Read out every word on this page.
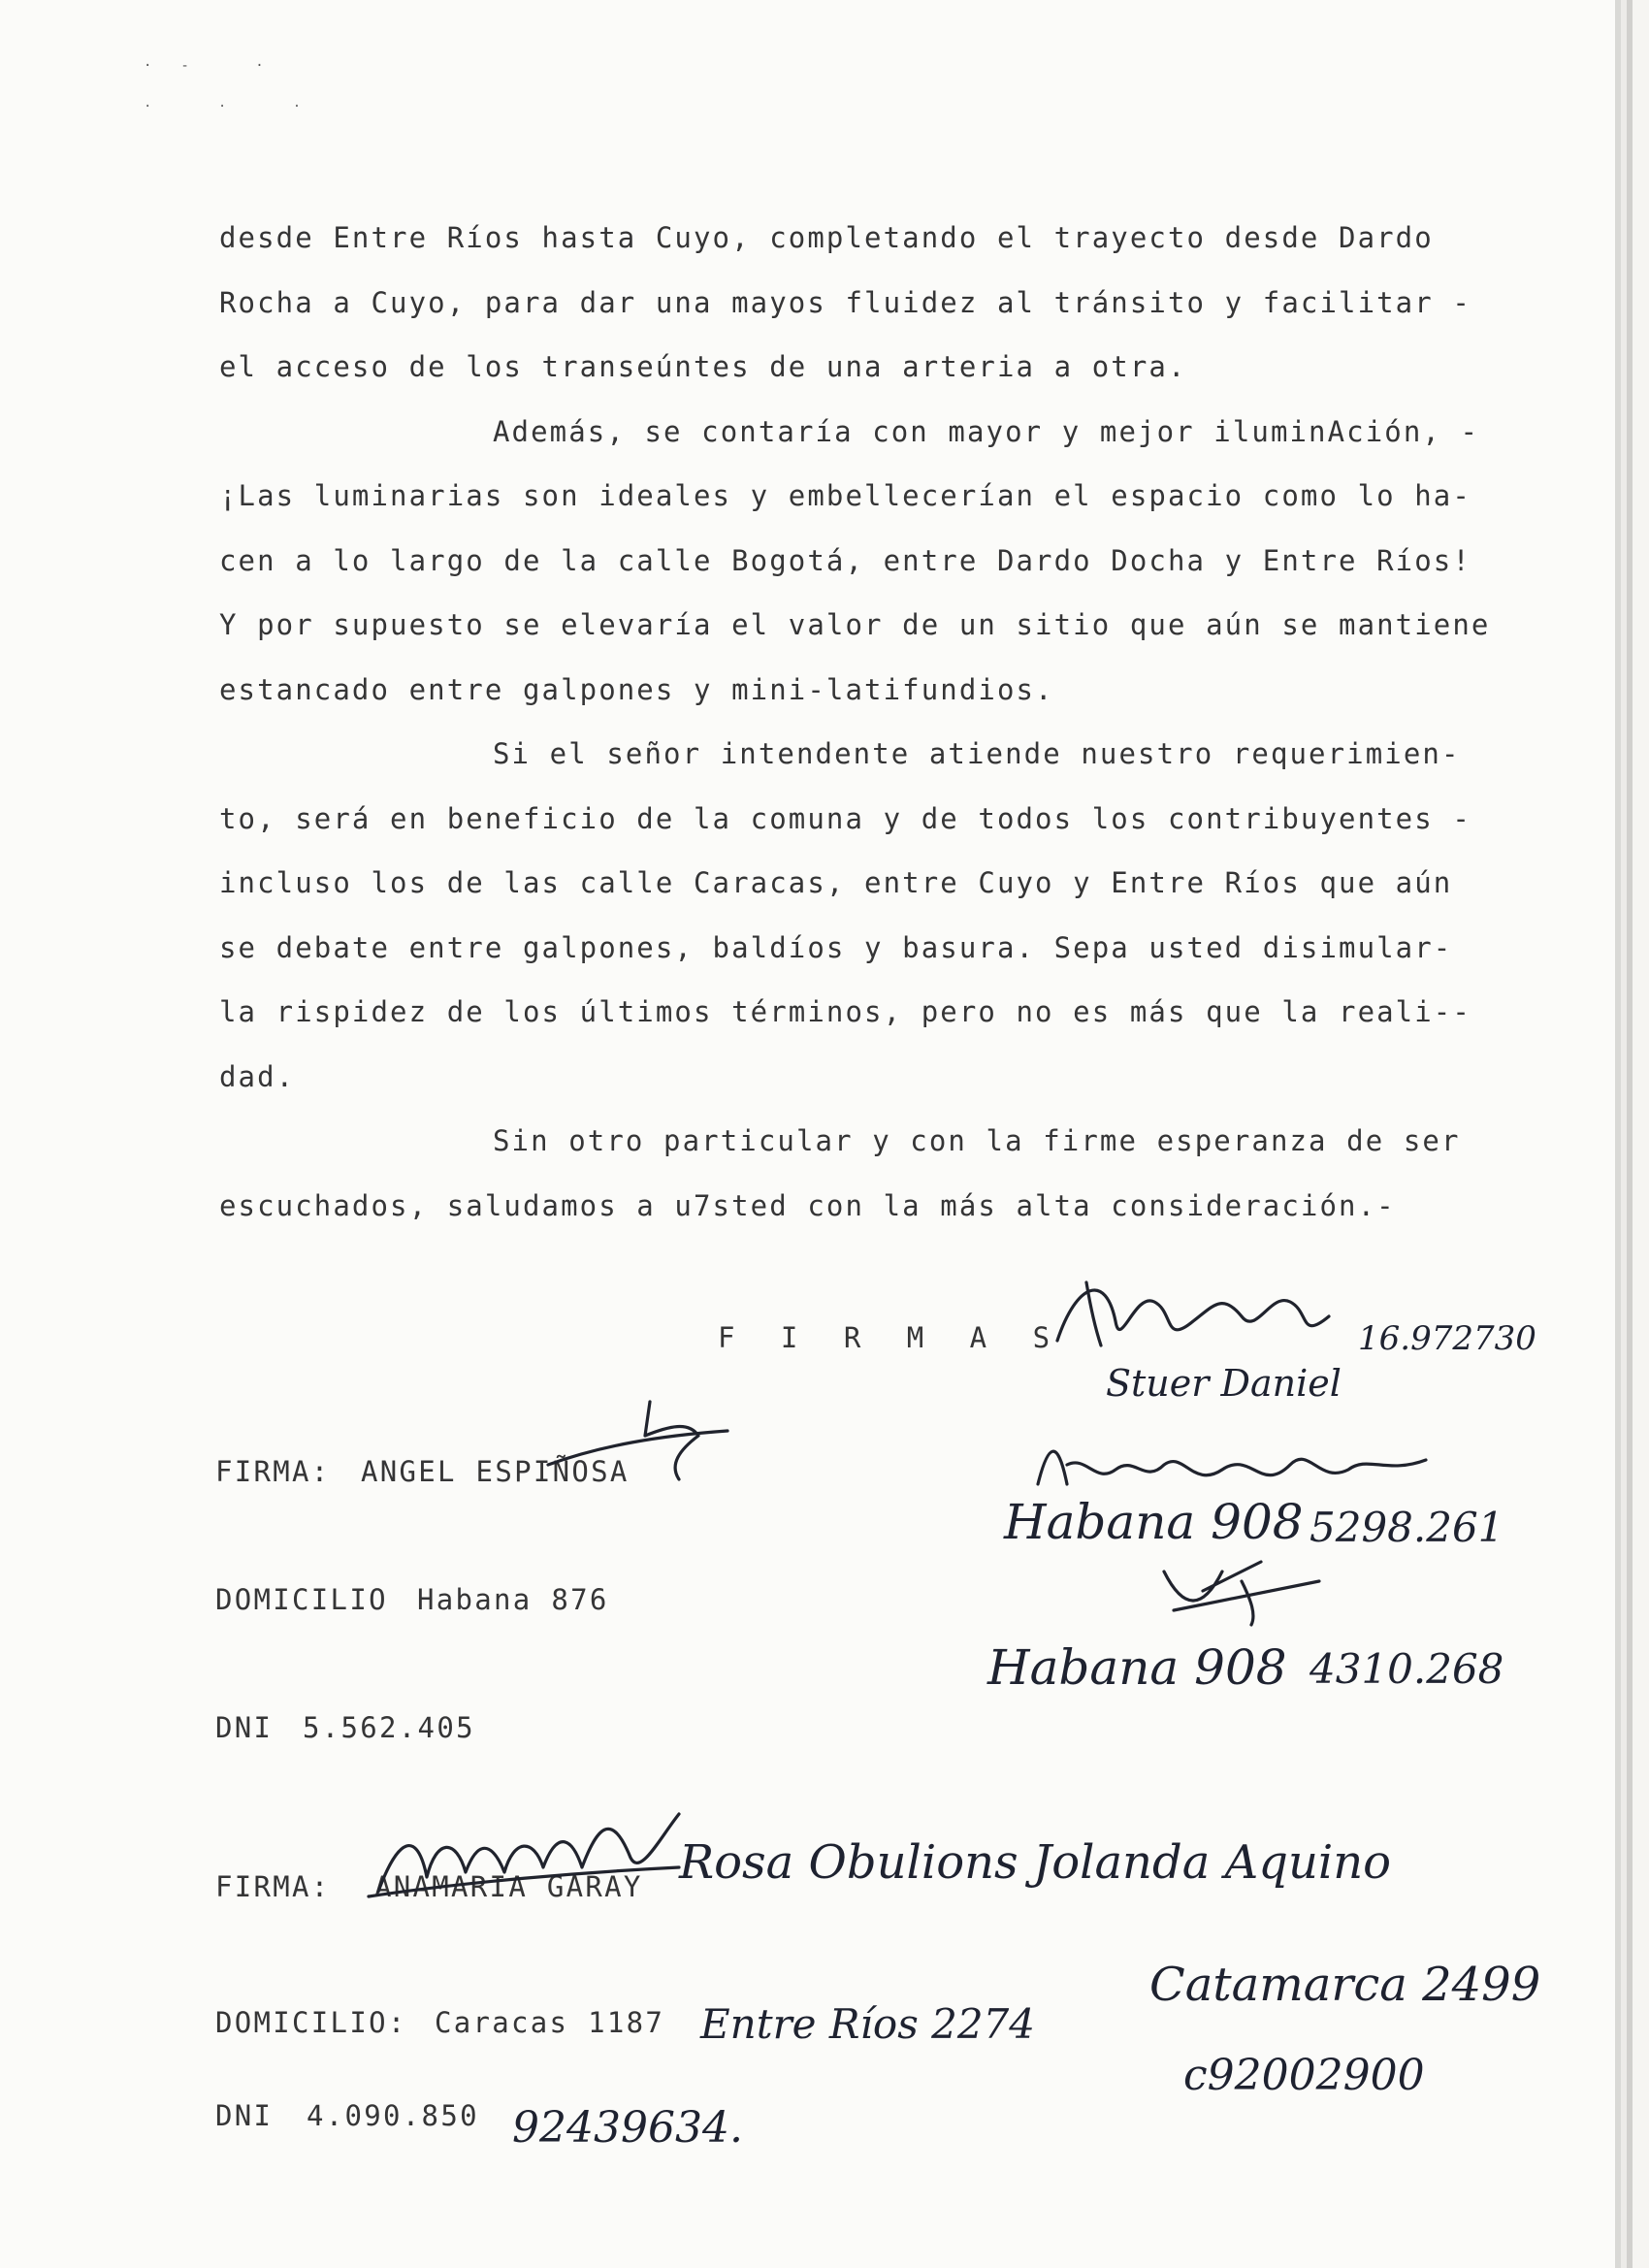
·‑ ·
· · ·
desde Entre Ríos hasta Cuyo, completando el trayecto desde Dardo
Rocha a Cuyo, para dar una mayos fluidez al tránsito y facilitar -
el acceso de los transeúntes de una arteria a otra.
Además, se contaría con mayor y mejor iluminAción, -
¡Las luminarias son ideales y embellecerían el espacio como lo ha-
cen a lo largo de la calle Bogotá, entre Dardo Docha y Entre Ríos!
Y por supuesto se elevaría el valor de un sitio que aún se mantiene
estancado entre galpones y mini-latifundios.
Si el señor intendente atiende nuestro requerimien-
to, será en beneficio de la comuna y de todos los contribuyentes -
incluso los de las calle Caracas, entre Cuyo y Entre Ríos que aún
se debate entre galpones, baldíos y basura. Sepa usted disimular-
la rispidez de los últimos términos, pero no es más que la reali--
dad.
Sin otro particular y con la firme esperanza de ser
escuchados, saludamos a u7sted con la más alta consideración.-
F I R M A S
FIRMA: ANGEL ESPIÑOSA
DOMICILIO Habana 876
DNI 5.562.405
FIRMA: ANAMARIA GARAY
DOMICILIO: Caracas 1187
DNI 4.090.850
16.972730
Stuer Daniel
Habana 908 5298.261
Habana 908 4310.268
Rosa Obulions Jolanda Aquino
Entre Ríos 2274
Catamarca 2499
c92002900
92439634.
